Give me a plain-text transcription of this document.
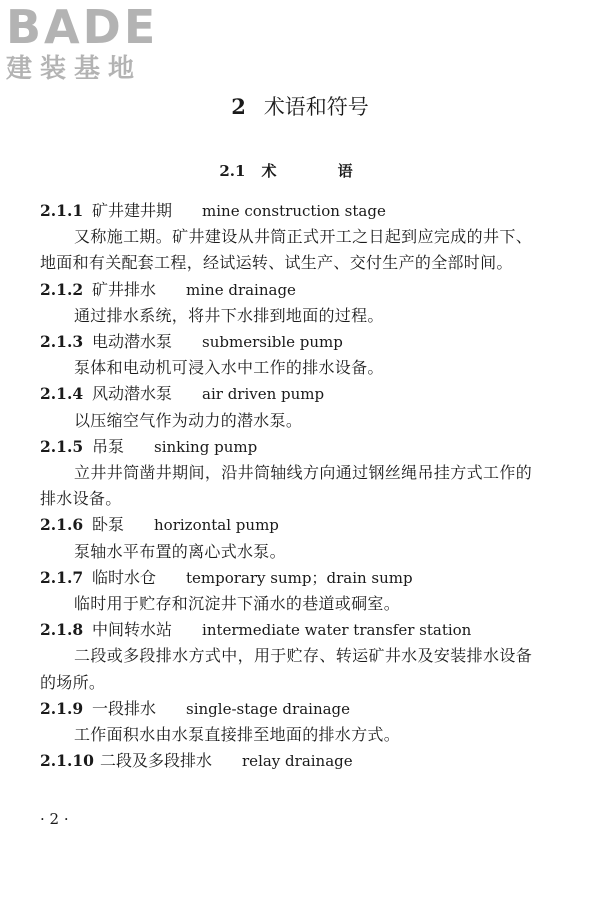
BADE
建装基地
2 术语和符号
2.1 术 语
2.1.1 矿井建井期 mine construction stage
又称施工期。矿井建设从井筒正式开工之日起到应完成的井下、地面和有关配套工程，经试运转、试生产、交付生产的全部时间。
2.1.2 矿井排水 mine drainage
通过排水系统，将井下水排到地面的过程。
2.1.3 电动潜水泵 submersible pump
泵体和电动机可浸入水中工作的排水设备。
2.1.4 风动潜水泵 air driven pump
以压缩空气作为动力的潜水泵。
2.1.5 吊泵 sinking pump
立井井筒凿井期间，沿井筒轴线方向通过钢丝绳吊挂方式工作的排水设备。
2.1.6 卧泵 horizontal pump
泵轴水平布置的离心式水泵。
2.1.7 临时水仓 temporary sump；drain sump
临时用于贮存和沉淀井下涌水的巷道或硐室。
2.1.8 中间转水站 intermediate water transfer station
二段或多段排水方式中，用于贮存、转运矿井水及安装排水设备的场所。
2.1.9 一段排水 single-stage drainage
工作面积水由水泵直接排至地面的排水方式。
2.1.10 二段及多段排水 relay drainage
· 2 ·
